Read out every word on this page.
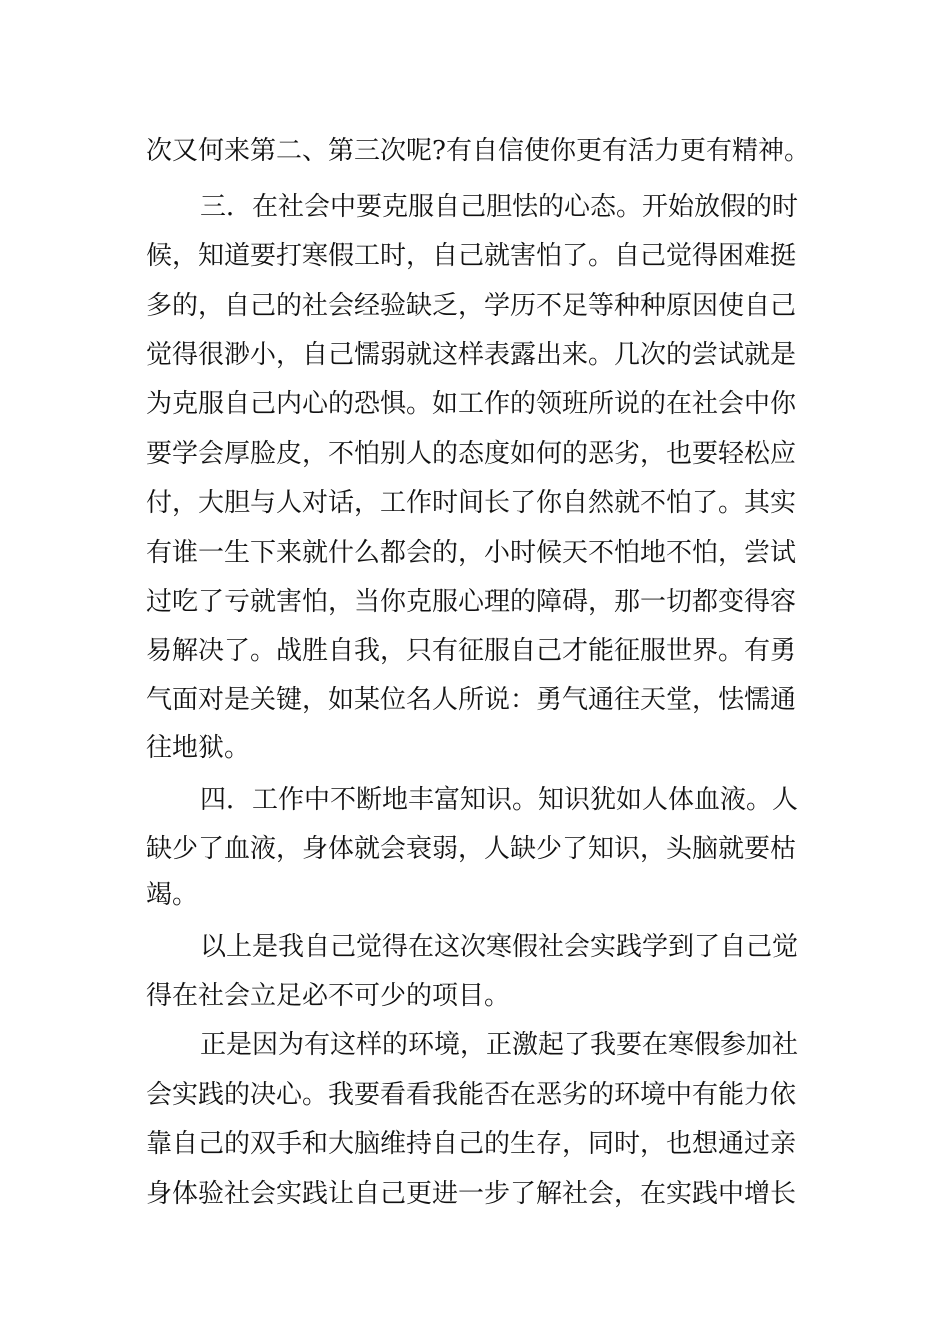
次又何来第二、第三次呢?有自信使你更有活力更有精神。
三．在社会中要克服自己胆怯的心态。开始放假的时
候，知道要打寒假工时，自己就害怕了。自己觉得困难挺
多的，自己的社会经验缺乏，学历不足等种种原因使自己
觉得很渺小，自己懦弱就这样表露出来。几次的尝试就是
为克服自己内心的恐惧。如工作的领班所说的在社会中你
要学会厚脸皮，不怕别人的态度如何的恶劣，也要轻松应
付，大胆与人对话，工作时间长了你自然就不怕了。其实
有谁一生下来就什么都会的，小时候天不怕地不怕，尝试
过吃了亏就害怕，当你克服心理的障碍，那一切都变得容
易解决了。战胜自我，只有征服自己才能征服世界。有勇
气面对是关键，如某位名人所说：勇气通往天堂，怯懦通
往地狱。
四．工作中不断地丰富知识。知识犹如人体血液。人
缺少了血液，身体就会衰弱，人缺少了知识，头脑就要枯
竭。
以上是我自己觉得在这次寒假社会实践学到了自己觉
得在社会立足必不可少的项目。
正是因为有这样的环境，正激起了我要在寒假参加社
会实践的决心。我要看看我能否在恶劣的环境中有能力依
靠自己的双手和大脑维持自己的生存，同时，也想通过亲
身体验社会实践让自己更进一步了解社会，在实践中增长
